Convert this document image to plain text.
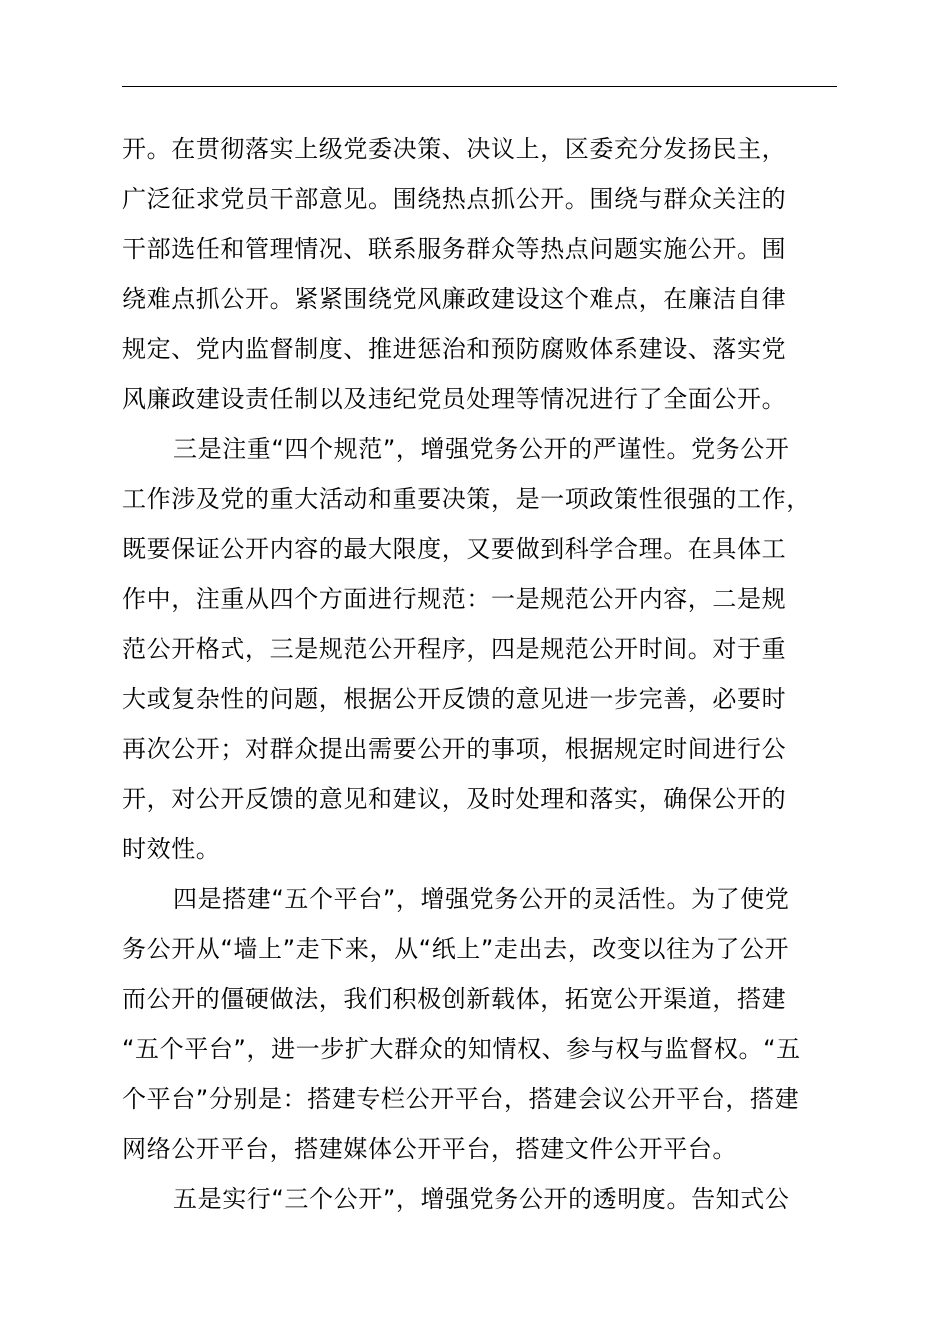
开。在贯彻落实上级党委决策、决议上，区委充分发扬民主，
广泛征求党员干部意见。围绕热点抓公开。围绕与群众关注的
干部选任和管理情况、联系服务群众等热点问题实施公开。围
绕难点抓公开。紧紧围绕党风廉政建设这个难点，在廉洁自律
规定、党内监督制度、推进惩治和预防腐败体系建设、落实党
风廉政建设责任制以及违纪党员处理等情况进行了全面公开。
三是注重“四个规范”，增强党务公开的严谨性。党务公开
工作涉及党的重大活动和重要决策，是一项政策性很强的工作，
既要保证公开内容的最大限度，又要做到科学合理。在具体工
作中，注重从四个方面进行规范：一是规范公开内容，二是规
范公开格式，三是规范公开程序，四是规范公开时间。对于重
大或复杂性的问题，根据公开反馈的意见进一步完善，必要时
再次公开；对群众提出需要公开的事项，根据规定时间进行公
开，对公开反馈的意见和建议，及时处理和落实，确保公开的
时效性。
四是搭建“五个平台”，增强党务公开的灵活性。为了使党
务公开从“墙上”走下来，从“纸上”走出去，改变以往为了公开
而公开的僵硬做法，我们积极创新载体，拓宽公开渠道，搭建
“五个平台”，进一步扩大群众的知情权、参与权与监督权。“五
个平台”分别是：搭建专栏公开平台，搭建会议公开平台，搭建
网络公开平台，搭建媒体公开平台，搭建文件公开平台。
五是实行“三个公开”，增强党务公开的透明度。告知式公
